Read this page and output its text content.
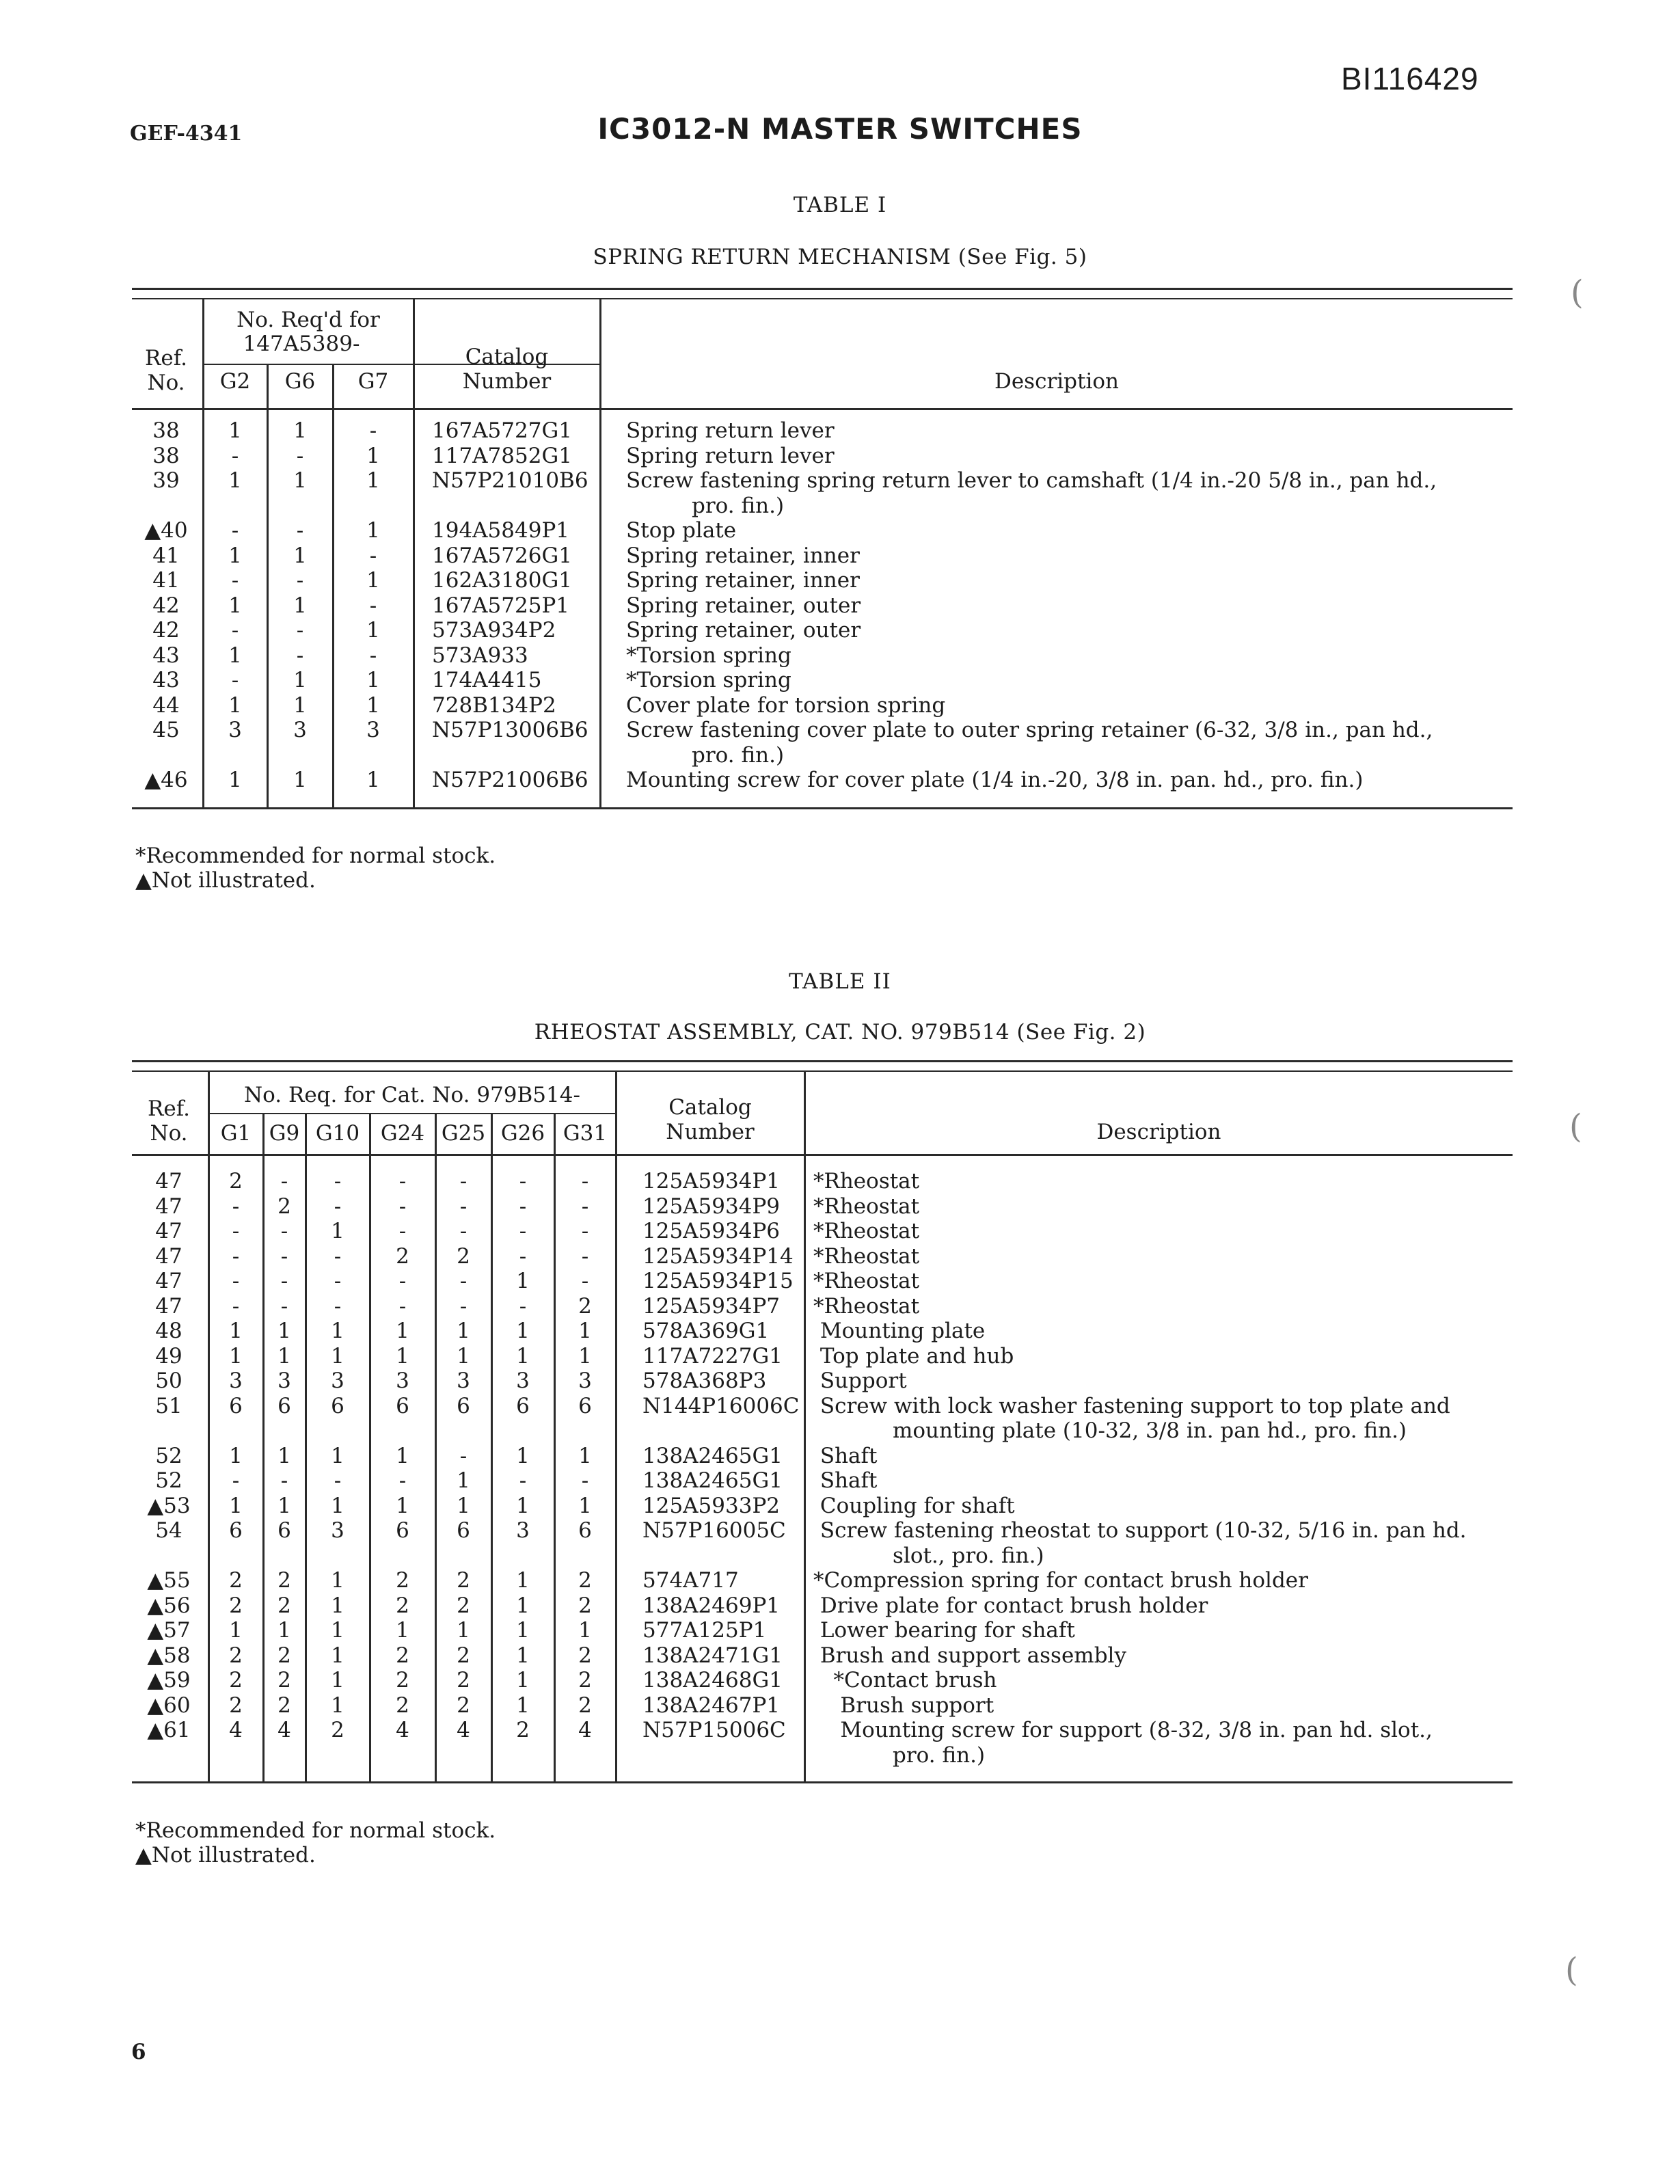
BI116429
GEF-4341	IC3012-N MASTER SWITCHES
TABLE I
SPRING RETURN MECHANISM (See Fig. 5)
Ref.
No.
No. Req'd for
147A5389-
G2	G6	G7
Catalog
Number	Description
38	1	1	-	167A5727G1	Spring return lever
38	-	-	1	117A7852G1	Spring return lever
39	1	1	1	N57P21010B6 Screw fastening spring return lever to camshaft (1/4 in.-20 5/8 in., pan hd.,
pro. fin.)
▲40	-	-	1	194A5849P1	Stop plate
41	1	1	-	167A5726G1	Spring retainer, inner
41	-	-	1	162A3180G1	Spring retainer, inner
42	1	1	-	167A5725P1	Spring retainer, outer
42	-	-	1	573A934P2	Spring retainer, outer
43	1	-	-	573A933	*Torsion spring
43	-	1	1	174A4415	*Torsion spring
44	1	1	1	728B134P2	Cover plate for torsion spring
45	3	3	3	N57P13006B6 Screw fastening cover plate to outer spring retainer (6-32, 3/8 in., pan hd.,
pro. fin.)
▲46	1	1	1	N57P21006B6 Mounting screw for cover plate (1/4 in.-20, 3/8 in. pan. hd., pro. fin.)
*Recommended for normal stock.
▲Not illustrated.
TABLE II
RHEOSTAT ASSEMBLY, CAT. NO. 979B514 (See Fig. 2)
Ref.
No.
No. Req. for Cat. No. 979B514-
G1 G9 G10 G24 G25 G26 G31
Catalog
Number	Description
47	2	-	-	-	-	-	-	125A5934P1 *Rheostat
47	-	2	-	-	-	-	-	125A5934P9 *Rheostat
47	-	-	1	-	-	-	-	125A5934P6 *Rheostat
47	-	-	-	2	2	-	-	125A5934P14 *Rheostat
47	-	-	-	-	-	1	-	125A5934P15 *Rheostat
47	-	-	-	-	-	-	2	125A5934P7 *Rheostat
48	1	1	1	1	1	1	1	578A369G1 Mounting plate
49	1	1	1	1	1	1	1	117A7227G1 Top plate and hub
50	3	3	3	3	3	3	3	578A368P3 Support
51	6	6	6	6	6	6	6	N144P16006C Screw with lock washer fastening support to top plate and
mounting plate (10-32, 3/8 in. pan hd., pro. fin.)
52	1	1	1	1	-	1	1	138A2465G1 Shaft
52	-	-	-	-	1	-	-	138A2465G1 Shaft
▲53	1	1	1	1	1	1	1	125A5933P2 Coupling for shaft
54	6	6	3	6	6	3	6	N57P16005C Screw fastening rheostat to support (10-32, 5/16 in. pan hd.
slot., pro. fin.)
▲55	2	2	1	2	2	1	2	574A717	*Compression spring for contact brush holder
▲56	2	2	1	2	2	1	2	138A2469P1 Drive plate for contact brush holder
▲57	1	1	1	1	1	1	1	577A125P1 Lower bearing for shaft
▲58	2	2	1	2	2	1	2	138A2471G1 Brush and support assembly
▲59	2	2	1	2	2	1	2	138A2468G1 *Contact brush
▲60	2	2	1	2	2	1	2	138A2467P1 Brush support
▲61	4	4	2	4	4	2	4	N57P15006C Mounting screw for support (8-32, 3/8 in. pan hd. slot.,
pro. fin.)
*Recommended for normal stock.
▲Not illustrated.
6
(
(
(
